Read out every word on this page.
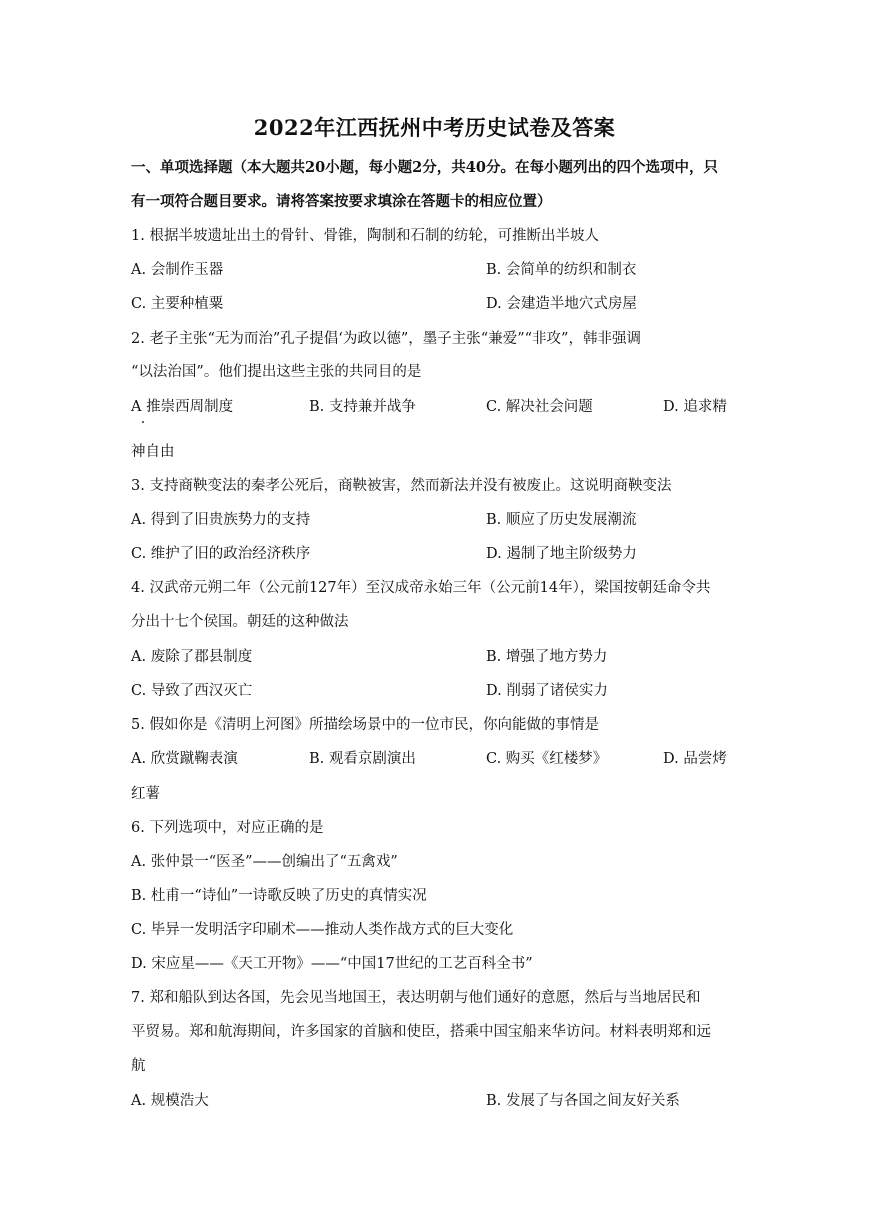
2022年江西抚州中考历史试卷及答案
一、单项选择题（本大题共20小题，每小题2分，共40分。在每小题列出的四个选项中，只
有一项符合题目要求。请将答案按要求填涂在答题卡的相应位置）
1. 根据半坡遗址出土的骨针、骨锥，陶制和石制的纺轮，可推断出半坡人
A. 会制作玉器	B. 会简单的纺织和制衣
C. 主要种植粟	D. 会建造半地穴式房屋
2. 老子主张“无为而治”孔子提倡‘为政以德”，墨子主张“兼爱”“非攻”，韩非强调
“以法治国”。他们提出这些主张的共同目的是
A 推崇西周制度	B. 支持兼并战争	C. 解决社会问题	D. 追求精
神自由
3. 支持商鞅变法的秦孝公死后，商鞅被害，然而新法并没有被废止。这说明商鞅变法
A. 得到了旧贵族势力的支持	B. 顺应了历史发展潮流
C. 维护了旧的政治经济秩序	D. 遏制了地主阶级势力
4. 汉武帝元朔二年（公元前127年）至汉成帝永始三年（公元前14年），梁国按朝廷命令共
分出十七个侯国。朝廷的这种做法
A. 废除了郡县制度	B. 增强了地方势力
C. 导致了西汉灭亡	D. 削弱了诸侯实力
5. 假如你是《清明上河图》所描绘场景中的一位市民，你向能做的事情是
A. 欣赏蹴鞠表演	B. 观看京剧演出	C. 购买《红楼梦》	D. 品尝烤
红薯
6. 下列选项中，对应正确的是
A. 张仲景一“医圣”——创编出了“五禽戏”
B. 杜甫一“诗仙”一诗歌反映了历史的真情实况
C. 毕异一发明活字印刷术——推动人类作战方式的巨大变化
D. 宋应星——《天工开物》——“中国17世纪的工艺百科全书”
7. 郑和船队到达各国，先会见当地国王，表达明朝与他们通好的意愿，然后与当地居民和
平贸易。郑和航海期间，许多国家的首脑和使臣，搭乘中国宝船来华访问。材料表明郑和远
航
A. 规模浩大	B. 发展了与各国之间友好关系
